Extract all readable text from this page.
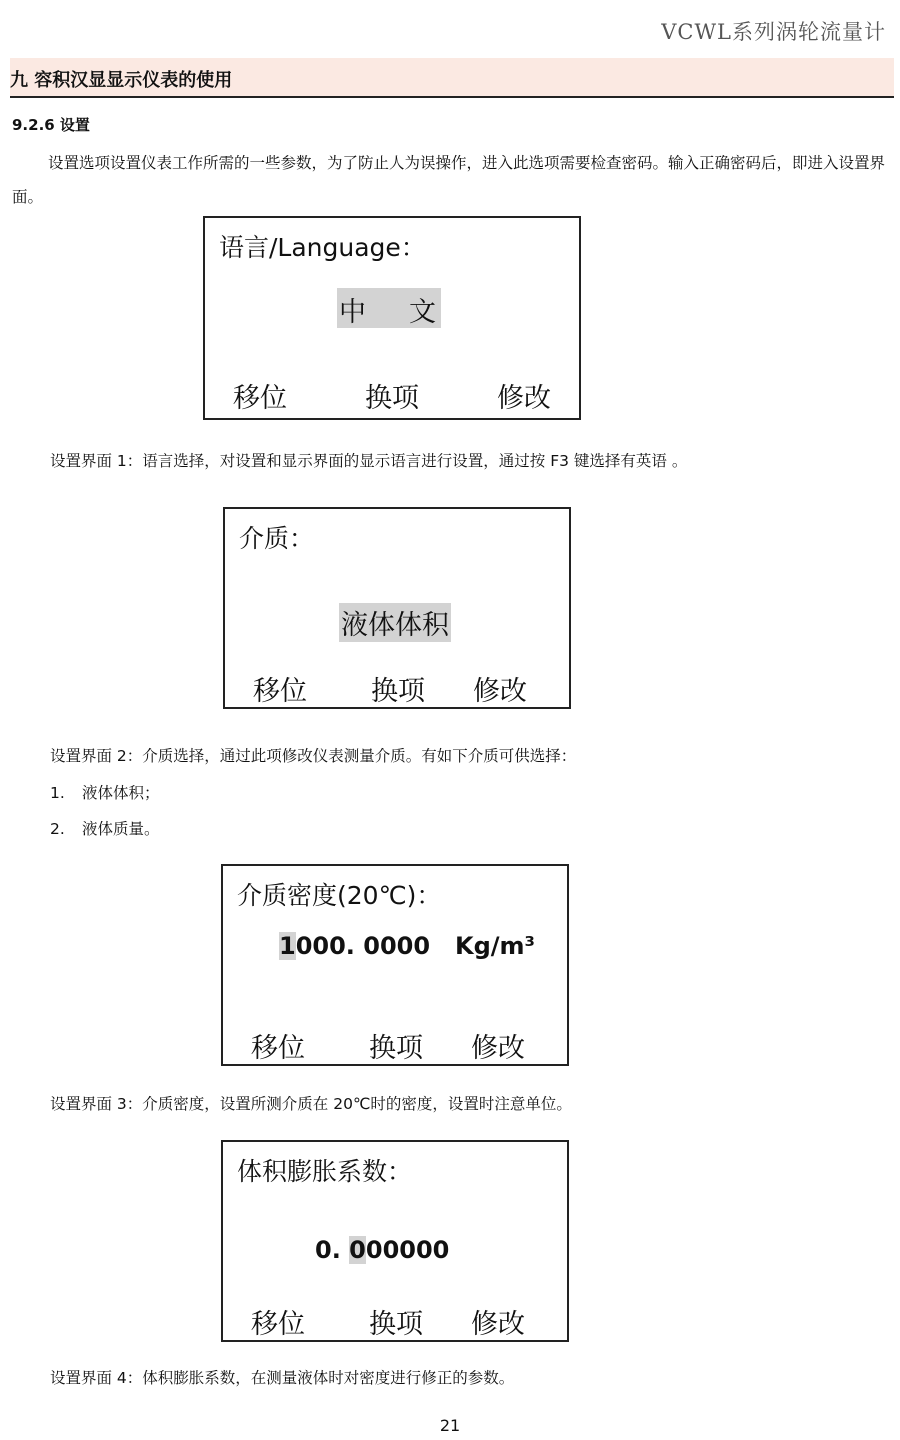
VCWL系列涡轮流量计
九 容积汉显显示仪表的使用
9.2.6 设置
设置选项设置仪表工作所需的一些参数，为了防止人为误操作，进入此选项需要检查密码。输入正确密码后，即进入设置界面。
语言/Language：
中 文
移位	换项	修改
设置界面 1：语言选择，对设置和显示界面的显示语言进行设置，通过按 F3 键选择有英语 。
介质：
液体体积
移位 换项 修改
设置界面 2：介质选择，通过此项修改仪表测量介质。有如下介质可供选择：
1. 液体体积；
2. 液体质量。
介质密度(20℃)：
1000. 0000 Kg/m³
移位 换项 修改
设置界面 3：介质密度，设置所测介质在 20℃时的密度，设置时注意单位。
体积膨胀系数：
0. 000000
移位 换项 修改
设置界面 4：体积膨胀系数，在测量液体时对密度进行修正的参数。
21
